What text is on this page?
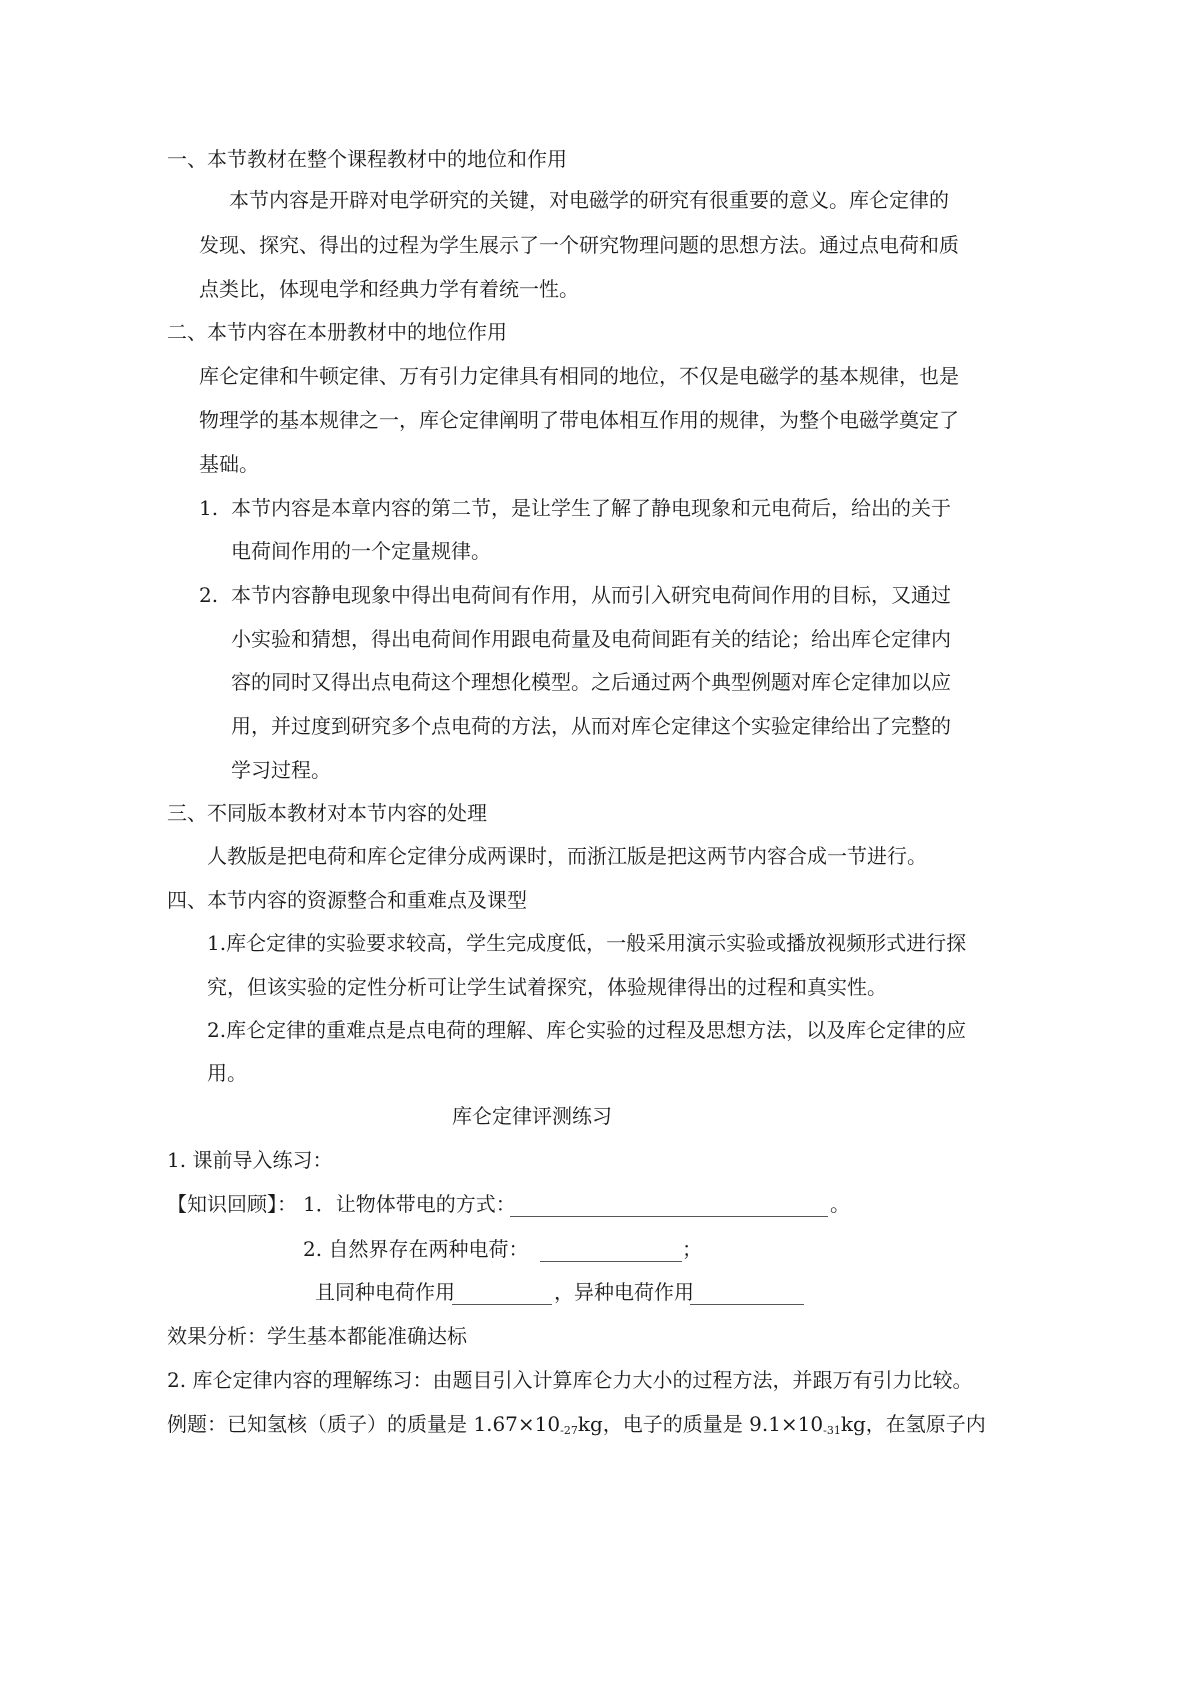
一、本节教材在整个课程教材中的地位和作用
本节内容是开辟对电学研究的关键，对电磁学的研究有很重要的意义。库仑定律的
发现、探究、得出的过程为学生展示了一个研究物理问题的思想方法。通过点电荷和质
点类比，体现电学和经典力学有着统一性。
二、本节内容在本册教材中的地位作用
库仑定律和牛顿定律、万有引力定律具有相同的地位，不仅是电磁学的基本规律，也是
物理学的基本规律之一，库仑定律阐明了带电体相互作用的规律，为整个电磁学奠定了
基础。
1. 本节内容是本章内容的第二节，是让学生了解了静电现象和元电荷后，给出的关于
电荷间作用的一个定量规律。
2. 本节内容静电现象中得出电荷间有作用，从而引入研究电荷间作用的目标，又通过
小实验和猜想，得出电荷间作用跟电荷量及电荷间距有关的结论；给出库仑定律内
容的同时又得出点电荷这个理想化模型。之后通过两个典型例题对库仑定律加以应
用，并过度到研究多个点电荷的方法，从而对库仑定律这个实验定律给出了完整的
学习过程。
三、不同版本教材对本节内容的处理
人教版是把电荷和库仑定律分成两课时，而浙江版是把这两节内容合成一节进行。
四、本节内容的资源整合和重难点及课型
1.库仑定律的实验要求较高，学生完成度低，一般采用演示实验或播放视频形式进行探
究，但该实验的定性分析可让学生试着探究，体验规律得出的过程和真实性。
2.库仑定律的重难点是点电荷的理解、库仑实验的过程及思想方法，以及库仑定律的应
用。
库仑定律评测练习
1. 课前导入练习：
【知识回顾】： 1．让物体带电的方式：	。
2. 自然界存在两种电荷：	；
且同种电荷作用	，异种电荷作用
效果分析：学生基本都能准确达标
2. 库仑定律内容的理解练习：由题目引入计算库仑力大小的过程方法，并跟万有引力比较。
例题：已知氢核（质子）的质量是 $1.67\times 10_{-27}kg$，电子的质量是 $9.1\times 10_{-31}kg$，在氢原子内
